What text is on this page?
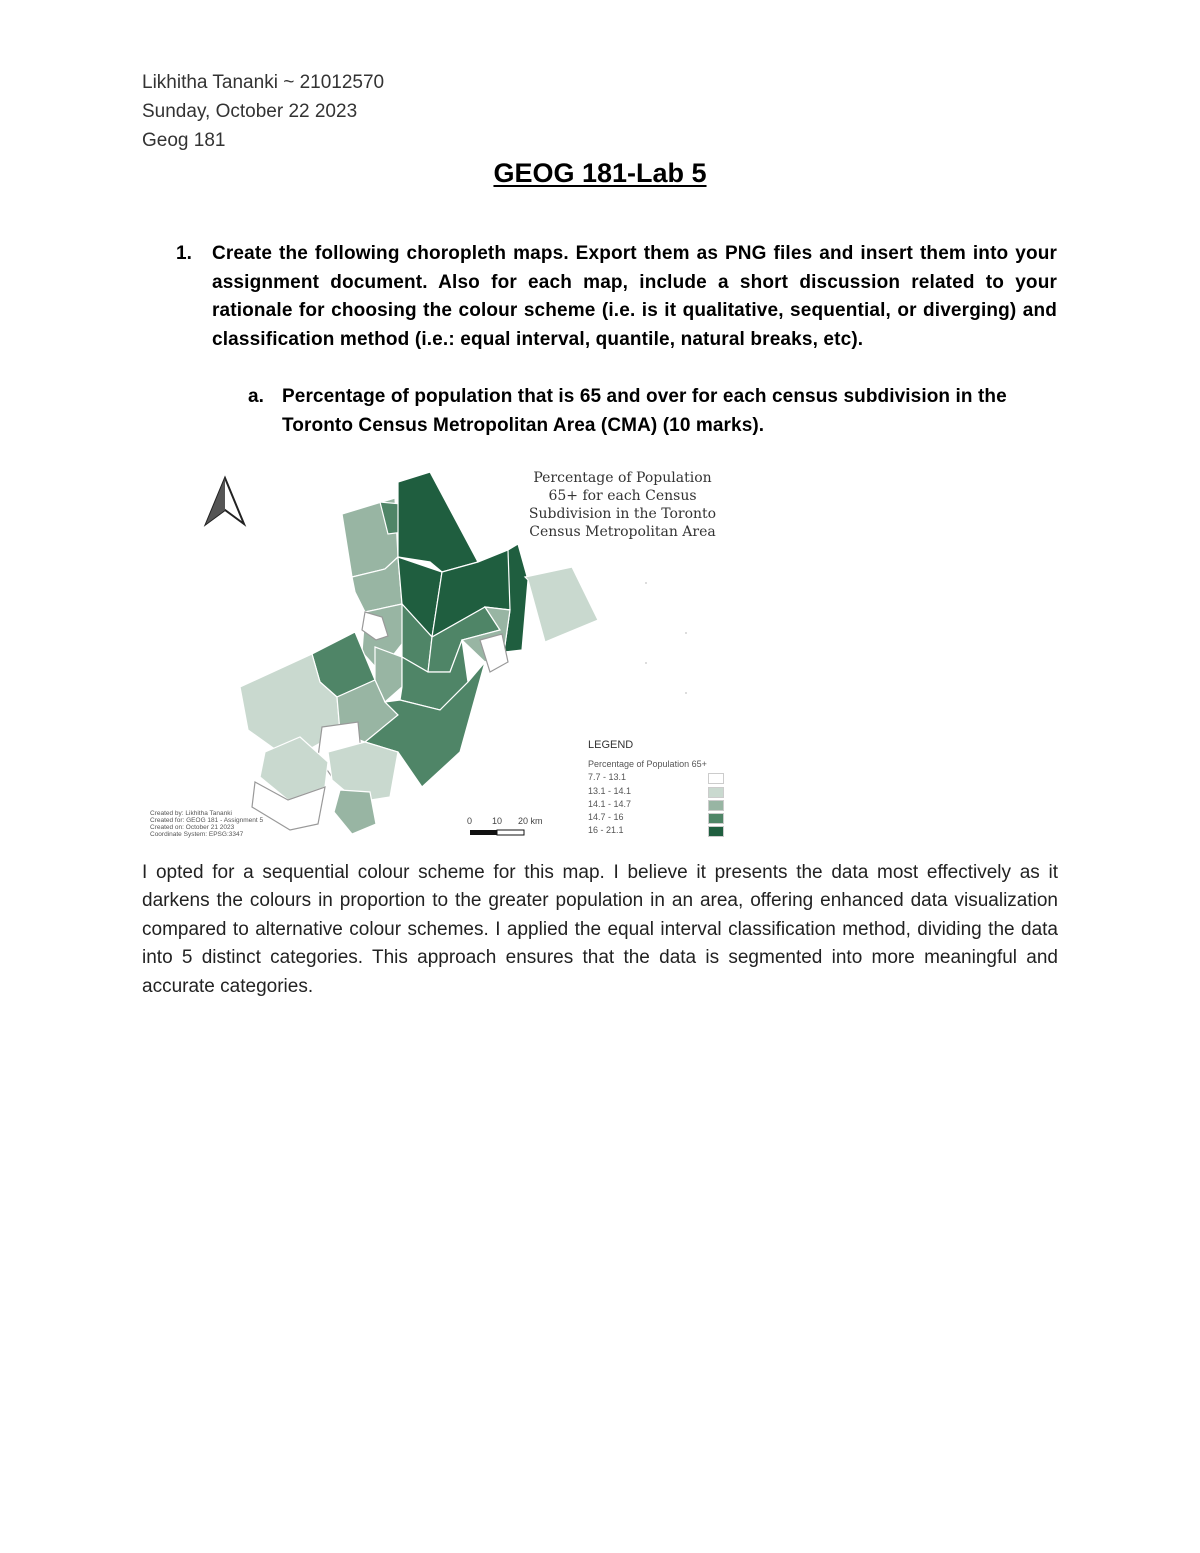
Likhitha Tananki ~ 21012570
Sunday, October 22 2023
Geog 181
GEOG 181-Lab 5
1. Create the following choropleth maps. Export them as PNG files and insert them into your assignment document. Also for each map, include a short discussion related to your rationale for choosing the colour scheme (i.e. is it qualitative, sequential, or diverging) and classification method (i.e.: equal interval, quantile, natural breaks, etc).
a. Percentage of population that is 65 and over for each census subdivision in the Toronto Census Metropolitan Area (CMA) (10 marks).
Percentage of Population
65+ for each Census
Subdivision in the Toronto
Census Metropolitan Area
LEGEND
Percentage of Population 65+
7.7 - 13.1
13.1 - 14.1
14.1 - 14.7
14.7 - 16
16 - 21.1
0 10 20 km
Created by: Likhitha Tananki
Created for: GEOG 181 - Assignment 5
Created on: October 21 2023
Coordinate System: EPSG:3347
I opted for a sequential colour scheme for this map. I believe it presents the data most effectively as it darkens the colours in proportion to the greater population in an area, offering enhanced data visualization compared to alternative colour schemes. I applied the equal interval classification method, dividing the data into 5 distinct categories. This approach ensures that the data is segmented into more meaningful and accurate categories.
